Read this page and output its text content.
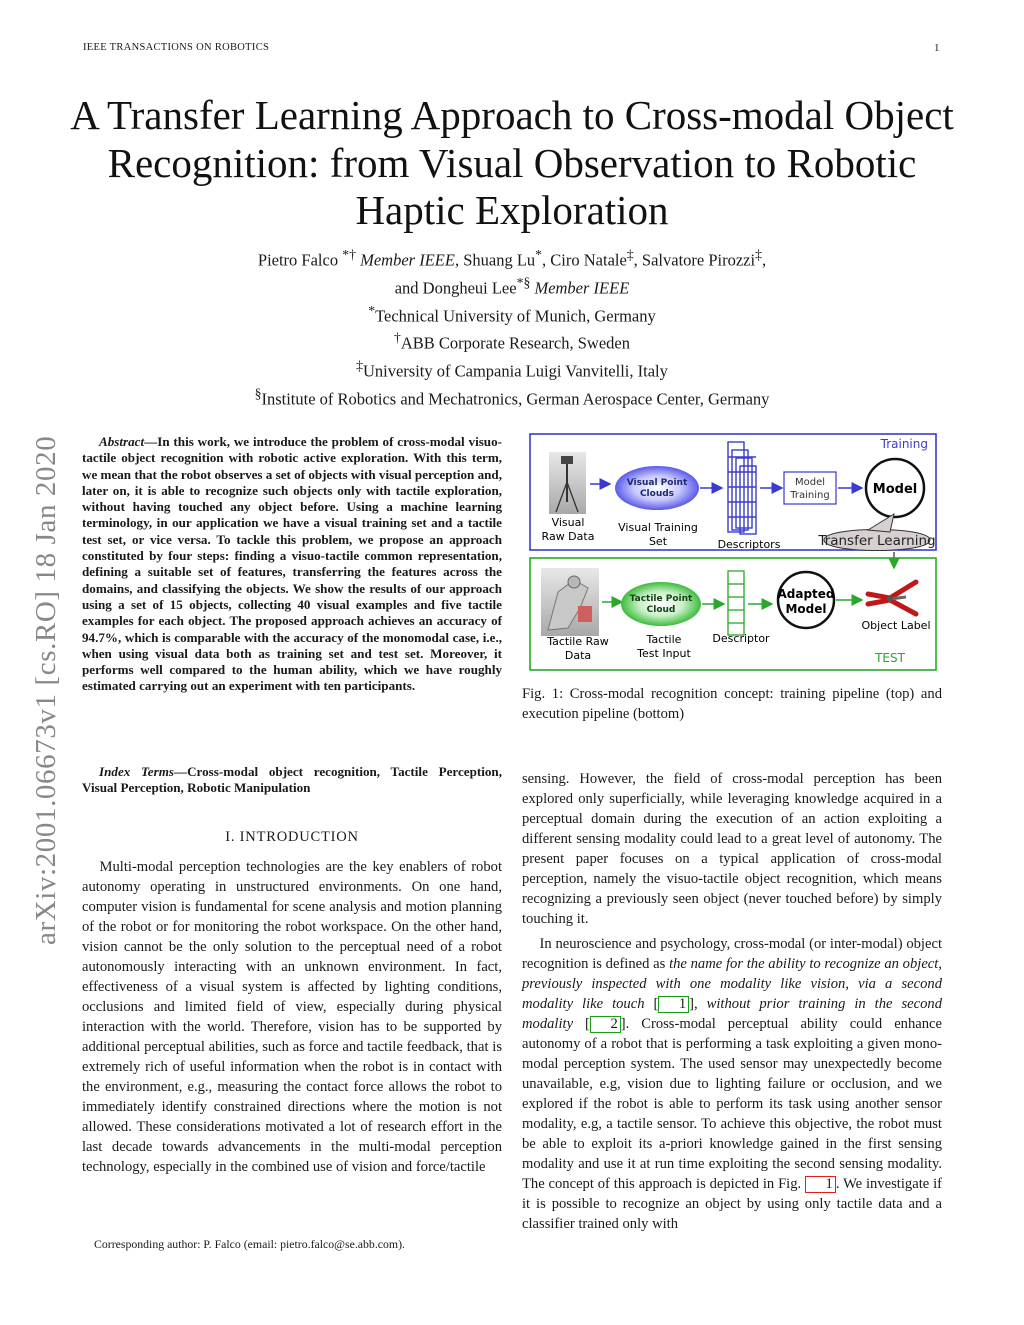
IEEE TRANSACTIONS ON ROBOTICS	1
A Transfer Learning Approach to Cross-modal Object Recognition: from Visual Observation to Robotic Haptic Exploration
Pietro Falco *† Member IEEE, Shuang Lu*, Ciro Natale‡, Salvatore Pirozzi‡,
and Dongheui Lee*§ Member IEEE
*Technical University of Munich, Germany
†ABB Corporate Research, Sweden
‡University of Campania Luigi Vanvitelli, Italy
§Institute of Robotics and Mechatronics, German Aerospace Center, Germany
arXiv:2001.06673v1 [cs.RO] 18 Jan 2020	Abstract—In this work, we introduce the problem of cross-modal visuo-tactile object recognition with robotic active exploration. With this term, we mean that the robot observes a set of objects with visual perception and, later on, it is able to recognize such objects only with tactile exploration, without having touched any object before. Using a machine learning terminology, in our application we have a visual training set and a tactile test set, or vice versa. To tackle this problem, we propose an approach constituted by four steps: finding a visuo-tactile common representation, defining a suitable set of features, transferring the features across the domains, and classifying the objects. We show the results of our approach using a set of 15 objects, collecting 40 visual examples and five tactile examples for each object. The proposed approach achieves an accuracy of 94.7%, which is comparable with the accuracy of the monomodal case, i.e., when using visual data both as training set and test set. Moreover, it performs well compared to the human ability, which we have roughly estimated carrying out an experiment with ten participants.
Index Terms—Cross-modal object recognition, Tactile Perception, Visual Perception, Robotic Manipulation
I. INTRODUCTION
Multi-modal perception technologies are the key enablers of robot autonomy operating in unstructured environments. On one hand, computer vision is fundamental for scene analysis and motion planning of the robot or for monitoring the robot workspace. On the other hand, vision cannot be the only solution to the perceptual need of a robot autonomously interacting with an unknown environment. In fact, effectiveness of a visual system is affected by lighting conditions, occlusions and limited field of view, especially during physical interaction with the world. Therefore, vision has to be supported by additional perceptual abilities, such as force and tactile feedback, that is extremely rich of useful information when the robot is in contact with the environment, e.g., measuring the contact force allows the robot to immediately identify constrained directions where the motion is not allowed. These considerations motivated a lot of research effort in the last decade towards advancements in the multi-modal perception technology, especially in the combined use of vision and force/tactile
Corresponding author: P. Falco (email: pietro.falco@se.abb.com).
Training
Visual
Raw Data
Visual Point
Clouds
Visual Training
Set	Descriptors
Model
Training	Model
Transfer Learning
TEST
Tactile Raw
Data
Tactile Point
Cloud
Tactile
Test Input
Descriptor
Adapted
Model
Object Label
Fig. 1: Cross-modal recognition concept: training pipeline (top) and execution pipeline (bottom)
sensing. However, the field of cross-modal perception has been explored only superficially, while leveraging knowledge acquired in a perceptual domain during the execution of an action exploiting a different sensing modality could lead to a great level of autonomy. The present paper focuses on a typical application of cross-modal perception, namely the visuo-tactile object recognition, which means recognizing a previously seen object (never touched before) by simply touching it.
In neuroscience and psychology, cross-modal (or inter-modal) object recognition is defined as the name for the ability to recognize an object, previously inspected with one modality like vision, via a second modality like touch [ 1 ], without prior training in the second modality [ 2 ]. Cross-modal perceptual ability could enhance autonomy of a robot that is performing a task exploiting a given mono-modal perception system. The used sensor may unexpectedly become unavailable, e.g, vision due to lighting failure or occlusion, and we explored if the robot is able to perform its task using another sensor modality, e.g, a tactile sensor. To achieve this objective, the robot must be able to exploit its a-priori knowledge gained in the first sensing modality and use it at run time exploiting the second sensing modality. The concept of this approach is depicted in Fig. 1 . We investigate if it is possible to recognize an object by using only tactile data and a classifier trained only with
